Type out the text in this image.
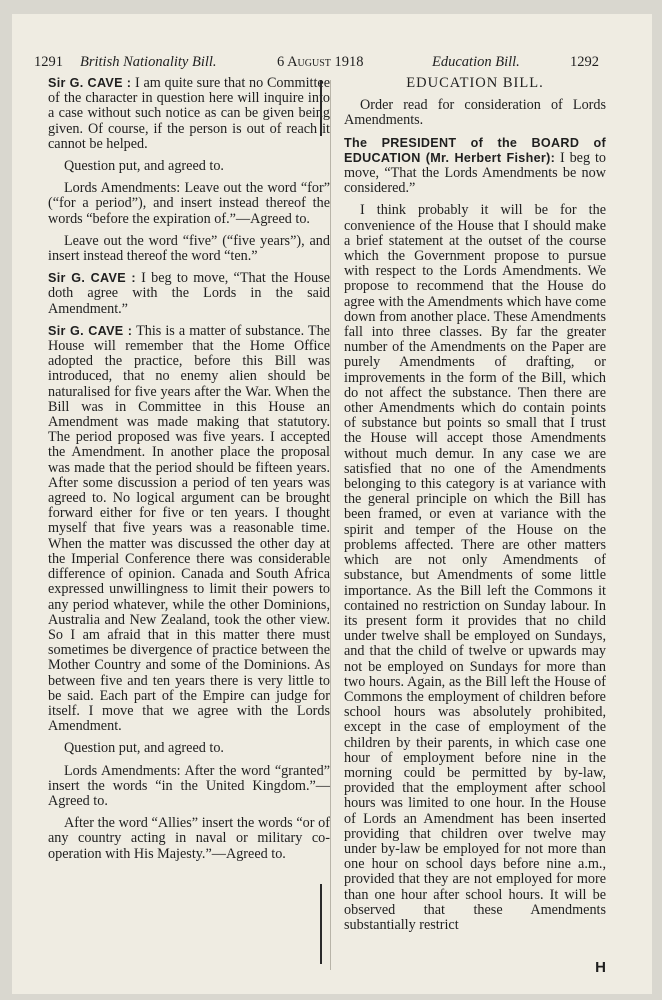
1291 British Nationality Bill.	6 August 1918	Education Bill.	1292

Sir G. CAVE : I am quite sure that no Committee of the character in question here will inquire into a case without such notice as can be given being given. Of course, if the person is out of reach it cannot be helped.

Question put, and agreed to.

Lords Amendments: Leave out the word “for” (“for a period”), and insert instead thereof the words “before the expiration of.”—Agreed to.

Leave out the word “five” (“five years”), and insert instead thereof the word “ten.”

Sir G. CAVE : I beg to move, “That the House doth agree with the Lords in the said Amendment.”

Sir G. CAVE : This is a matter of substance. The House will remember that the Home Office adopted the practice, before this Bill was introduced, that no enemy alien should be naturalised for five years after the War. When the Bill was in Committee in this House an Amendment was made making that statutory. The period proposed was five years. I accepted the Amendment. In another place the proposal was made that the period should be fifteen years. After some discussion a period of ten years was agreed to. No logical argument can be brought forward either for five or ten years. I thought myself that five years was a reasonable time. When the matter was discussed the other day at the Imperial Conference there was considerable difference of opinion. Canada and South Africa expressed unwillingness to limit their powers to any period whatever, while the other Dominions, Australia and New Zealand, took the other view. So I am afraid that in this matter there must sometimes be divergence of practice between the Mother Country and some of the Dominions. As between five and ten years there is very little to be said. Each part of the Empire can judge for itself. I move that we agree with the Lords Amendment.

Question put, and agreed to.

Lords Amendments: After the word “granted” insert the words “in the United Kingdom.”—Agreed to.

After the word “Allies” insert the words “or of any country acting in naval or military co-operation with His Majesty.”—Agreed to.

EDUCATION BILL.

Order read for consideration of Lords Amendments.

The PRESIDENT of the BOARD of EDUCATION (Mr. Herbert Fisher): I beg to move, “That the Lords Amendments be now considered.”

I think probably it will be for the convenience of the House that I should make a brief statement at the outset of the course which the Government propose to pursue with respect to the Lords Amendments. We propose to recommend that the House do agree with the Amendments which have come down from another place. These Amendments fall into three classes. By far the greater number of the Amendments on the Paper are purely Amendments of drafting, or improvements in the form of the Bill, which do not affect the substance. Then there are other Amendments which do contain points of substance but points so small that I trust the House will accept those Amendments without much demur. In any case we are satisfied that no one of the Amendments belonging to this category is at variance with the general principle on which the Bill has been framed, or even at variance with the spirit and temper of the House on the problems affected. There are other matters which are not only Amendments of substance, but Amendments of some little importance. As the Bill left the Commons it contained no restriction on Sunday labour. In its present form it provides that no child under twelve shall be employed on Sundays, and that the child of twelve or upwards may not be employed on Sundays for more than two hours. Again, as the Bill left the House of Commons the employment of children before school hours was absolutely prohibited, except in the case of employment of the children by their parents, in which case one hour of employment before nine in the morning could be permitted by by-law, provided that the employment after school hours was limited to one hour. In the House of Lords an Amendment has been inserted providing that children over twelve may under by-law be employed for not more than one hour on school days before nine a.m., provided that they are not employed for more than one hour after school hours. It will be observed that these Amendments substantially restrict

H
